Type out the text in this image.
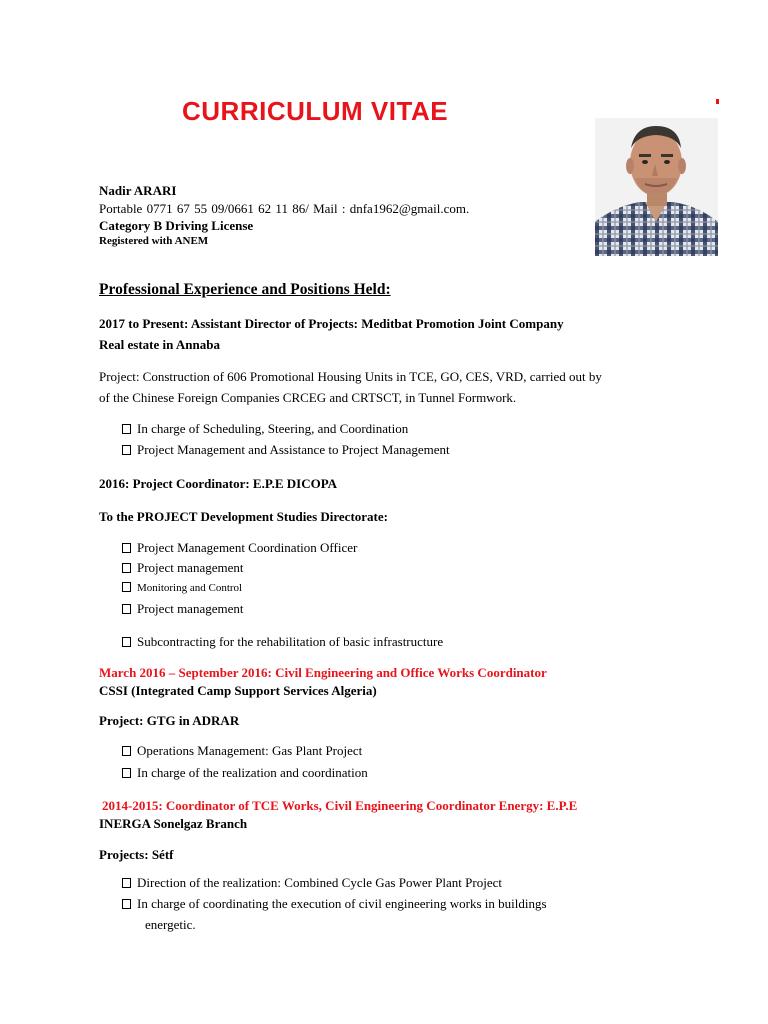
CURRICULUM VITAE
Nadir ARARI
Portable 0771 67 55 09/0661 62 11 86/ Mail : dnfa1962@gmail.com.
Category B Driving License
Registered with ANEM
Professional Experience and Positions Held:
2017 to Present: Assistant Director of Projects: Meditbat Promotion Joint Company
Real estate in Annaba
Project: Construction of 606 Promotional Housing Units in TCE, GO, CES, VRD, carried out by
of the Chinese Foreign Companies CRCEG and CRTSCT, in Tunnel Formwork.
In charge of Scheduling, Steering, and Coordination
Project Management and Assistance to Project Management
2016: Project Coordinator: E.P.E DICOPA
To the PROJECT Development Studies Directorate:
Project Management Coordination Officer
Project management
Monitoring and Control
Project management
Subcontracting for the rehabilitation of basic infrastructure
March 2016 – September 2016: Civil Engineering and Office Works Coordinator
CSSI (Integrated Camp Support Services Algeria)
Project: GTG in ADRAR
Operations Management: Gas Plant Project
In charge of the realization and coordination
2014-2015: Coordinator of TCE Works, Civil Engineering Coordinator Energy: E.P.E
INERGA Sonelgaz Branch
Projects: Sétf
Direction of the realization: Combined Cycle Gas Power Plant Project
In charge of coordinating the execution of civil engineering works in buildings
energetic.
